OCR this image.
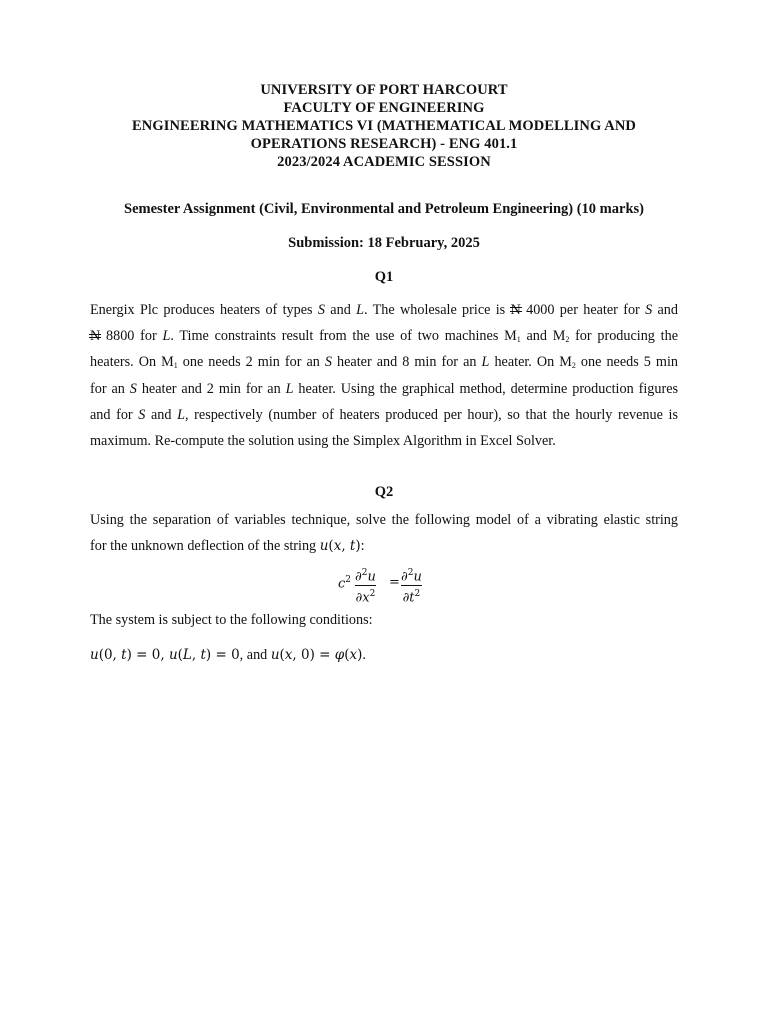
UNIVERSITY OF PORT HARCOURT
FACULTY OF ENGINEERING
ENGINEERING MATHEMATICS VI (MATHEMATICAL MODELLING AND
OPERATIONS RESEARCH) - ENG 401.1
2023/2024 ACADEMIC SESSION
Semester Assignment (Civil, Environmental and Petroleum Engineering) (10 marks)
Submission: 18 February, 2025
Q1
Energix Plc produces heaters of types S and L. The wholesale price is N 4000 per heater for S and
N 8800 for L. Time constraints result from the use of two machines $M_1$ and $M_2$ for producing the
heaters. On $M_1$ one needs 2 min for an S heater and 8 min for an L heater. On $M_2$ one needs 5 min
for an S heater and 2 min for an L heater. Using the graphical method, determine production figures
and for S and L, respectively (number of heaters produced per hour), so that the hourly revenue is
maximum. Re-compute the solution using the Simplex Algorithm in Excel Solver.
Q2
Using the separation of variables technique, solve the following model of a vibrating elastic string
for the unknown deflection of the string u(x, t):
$c^2 \frac{\partial^2u}{\partial x^2} = \frac{\partial^2u}{\partial t^2}$
The system is subject to the following conditions:
u(0, t) = 0, u(L, t) = 0, and u(x, 0) = φ(x).
